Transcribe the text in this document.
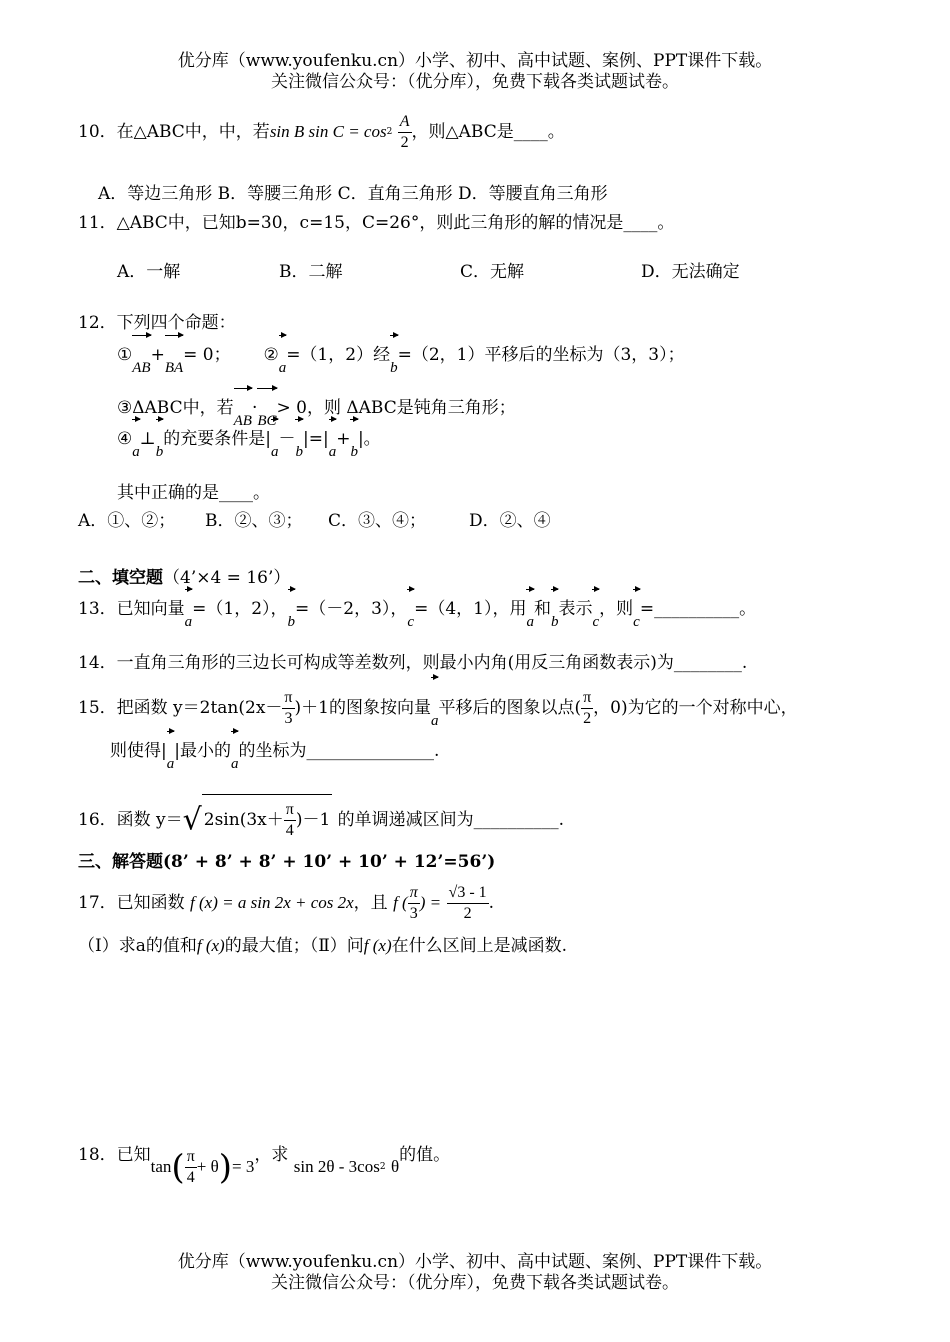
优分库（www.youfenku.cn）小学、初中、高中试题、案例、PPT课件下载。
关注微信公众号：（优分库），免费下载各类试题试卷。
10．在△ABC中，中，若sin B $\sin C = \cos^2 \frac{A}{2}$ ，则△ABC是____。
A．等边三角形 B．等腰三角形 C．直角三角形 D．等腰直角三角形
11．△ABC中，已知b=30，c=15，C=26°，则此三角形的解的情况是____。
A．一解	B．二解	C．无解	D．无法确定
12．下列四个命题：
①
AB+
BA= 0； ②
a=（1，2）经
b=（2，1）平移后的坐标为（3，3）；
③ΔABC中，若
AB·
BC> 0，则 ΔABC是钝角三角形；
④
a⊥
b的充要条件是|
a－
b|=|
a+
b|。
其中正确的是____。
A．①、②； B．②、③； C．③、④；	D．②、④
二、填空题（4’×4 = 16’）
13．已知向量
a=（1，2），
b=（－2，3），
c=（4，1），用
a和
b表示
c，则
c=__________。
14．一直角三角形的三边长可构成等差数列，则最小内角(用反三角函数表示)为________.
15．把函数 $y=2\tan(2x- \frac{\pi}{3} )+1$的图象按向量
a平移后的图象以点( $\frac{\pi}{2}$ ，0)为它的一个对称中心，
则使得|
a|最小的
a的坐标为_______________.
16．函数 y＝√ $2\sin(3x+ \frac{\pi}{4} )-1$ 的单调递减区间为__________.
三、解答题(8’ + 8’ + 8’ + 10’ + 10’ + 12’=56’)
17．已知函数 f (x) = a sin 2x + cos 2x，且 f ( $\frac{\pi}{3}$ ) = $\frac{√3 - 1}{2}$ .
（Ⅰ）求a的值和f (x)的最大值；（Ⅱ）问f (x)在什么区间上是减函数.
18．已知$\tan( \frac{\pi}{4} + \theta)= 3$，求 $\sin 2\theta - 3\cos^2$ θ的值。
优分库（www.youfenku.cn）小学、初中、高中试题、案例、PPT课件下载。
关注微信公众号：（优分库），免费下载各类试题试卷。
